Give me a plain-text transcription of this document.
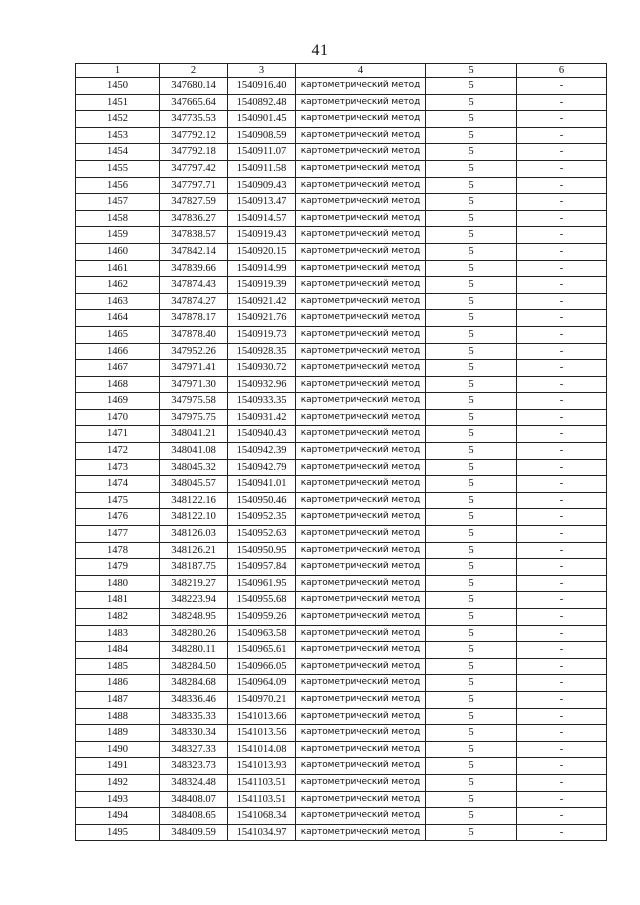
41
1	2	3	4	5	6
1450	347680.14	1540916.40	картометрический метод	5	-
1451	347665.64	1540892.48	картометрический метод	5	-
1452	347735.53	1540901.45	картометрический метод	5	-
1453	347792.12	1540908.59	картометрический метод	5	-
1454	347792.18	1540911.07	картометрический метод	5	-
1455	347797.42	1540911.58	картометрический метод	5	-
1456	347797.71	1540909.43	картометрический метод	5	-
1457	347827.59	1540913.47	картометрический метод	5	-
1458	347836.27	1540914.57	картометрический метод	5	-
1459	347838.57	1540919.43	картометрический метод	5	-
1460	347842.14	1540920.15	картометрический метод	5	-
1461	347839.66	1540914.99	картометрический метод	5	-
1462	347874.43	1540919.39	картометрический метод	5	-
1463	347874.27	1540921.42	картометрический метод	5	-
1464	347878.17	1540921.76	картометрический метод	5	-
1465	347878.40	1540919.73	картометрический метод	5	-
1466	347952.26	1540928.35	картометрический метод	5	-
1467	347971.41	1540930.72	картометрический метод	5	-
1468	347971.30	1540932.96	картометрический метод	5	-
1469	347975.58	1540933.35	картометрический метод	5	-
1470	347975.75	1540931.42	картометрический метод	5	-
1471	348041.21	1540940.43	картометрический метод	5	-
1472	348041.08	1540942.39	картометрический метод	5	-
1473	348045.32	1540942.79	картометрический метод	5	-
1474	348045.57	1540941.01	картометрический метод	5	-
1475	348122.16	1540950.46	картометрический метод	5	-
1476	348122.10	1540952.35	картометрический метод	5	-
1477	348126.03	1540952.63	картометрический метод	5	-
1478	348126.21	1540950.95	картометрический метод	5	-
1479	348187.75	1540957.84	картометрический метод	5	-
1480	348219.27	1540961.95	картометрический метод	5	-
1481	348223.94	1540955.68	картометрический метод	5	-
1482	348248.95	1540959.26	картометрический метод	5	-
1483	348280.26	1540963.58	картометрический метод	5	-
1484	348280.11	1540965.61	картометрический метод	5	-
1485	348284.50	1540966.05	картометрический метод	5	-
1486	348284.68	1540964.09	картометрический метод	5	-
1487	348336.46	1540970.21	картометрический метод	5	-
1488	348335.33	1541013.66	картометрический метод	5	-
1489	348330.34	1541013.56	картометрический метод	5	-
1490	348327.33	1541014.08	картометрический метод	5	-
1491	348323.73	1541013.93	картометрический метод	5	-
1492	348324.48	1541103.51	картометрический метод	5	-
1493	348408.07	1541103.51	картометрический метод	5	-
1494	348408.65	1541068.34	картометрический метод	5	-
1495	348409.59	1541034.97	картометрический метод	5	-
